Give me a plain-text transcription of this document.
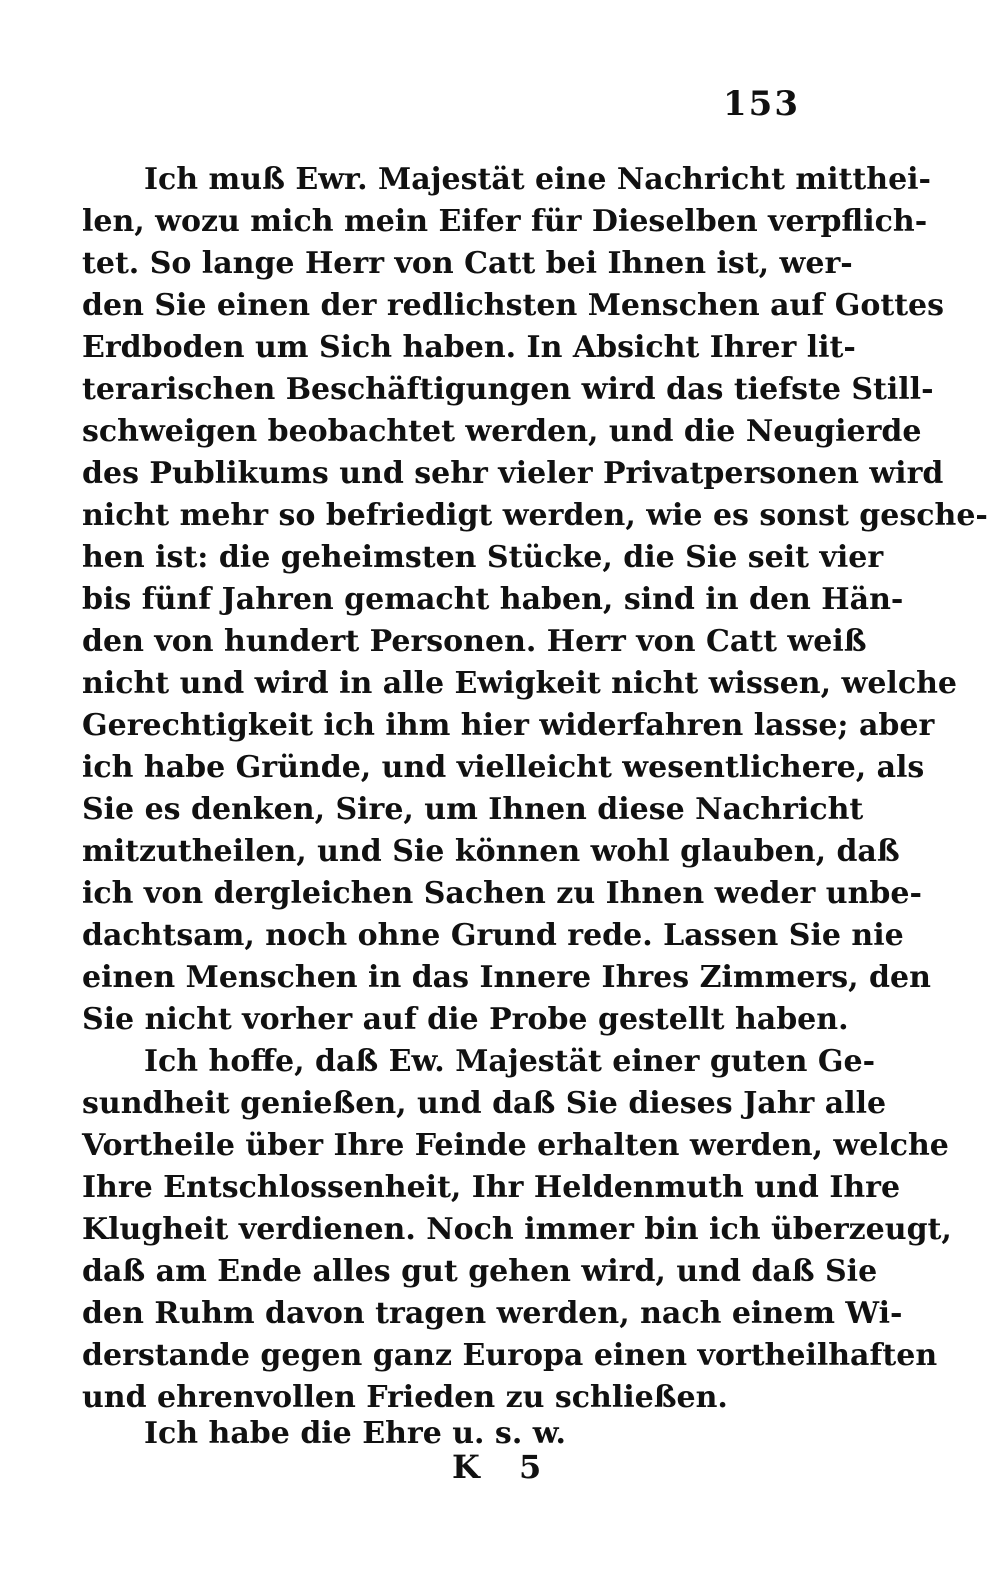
153
Ich muß Ewr. Majestät eine Nachricht mitthei-
len, wozu mich mein Eifer für Dieselben verpflich-
tet. So lange Herr von Catt bei Ihnen ist, wer-
den Sie einen der redlichsten Menschen auf Gottes
Erdboden um Sich haben. In Absicht Ihrer lit-
terarischen Beschäftigungen wird das tiefste Still-
schweigen beobachtet werden, und die Neugierde
des Publikums und sehr vieler Privatpersonen wird
nicht mehr so befriedigt werden, wie es sonst gesche-
hen ist: die geheimsten Stücke, die Sie seit vier
bis fünf Jahren gemacht haben, sind in den Hän-
den von hundert Personen. Herr von Catt weiß
nicht und wird in alle Ewigkeit nicht wissen, welche
Gerechtigkeit ich ihm hier widerfahren lasse; aber
ich habe Gründe, und vielleicht wesentlichere, als
Sie es denken, Sire, um Ihnen diese Nachricht
mitzutheilen, und Sie können wohl glauben, daß
ich von dergleichen Sachen zu Ihnen weder unbe-
dachtsam, noch ohne Grund rede. Lassen Sie nie
einen Menschen in das Innere Ihres Zimmers, den
Sie nicht vorher auf die Probe gestellt haben.
Ich hoffe, daß Ew. Majestät einer guten Ge-
sundheit genießen, und daß Sie dieses Jahr alle
Vortheile über Ihre Feinde erhalten werden, welche
Ihre Entschlossenheit, Ihr Heldenmuth und Ihre
Klugheit verdienen. Noch immer bin ich überzeugt,
daß am Ende alles gut gehen wird, und daß Sie
den Ruhm davon tragen werden, nach einem Wi-
derstande gegen ganz Europa einen vortheilhaften
und ehrenvollen Frieden zu schließen.
Ich habe die Ehre u. s. w.
K 5
